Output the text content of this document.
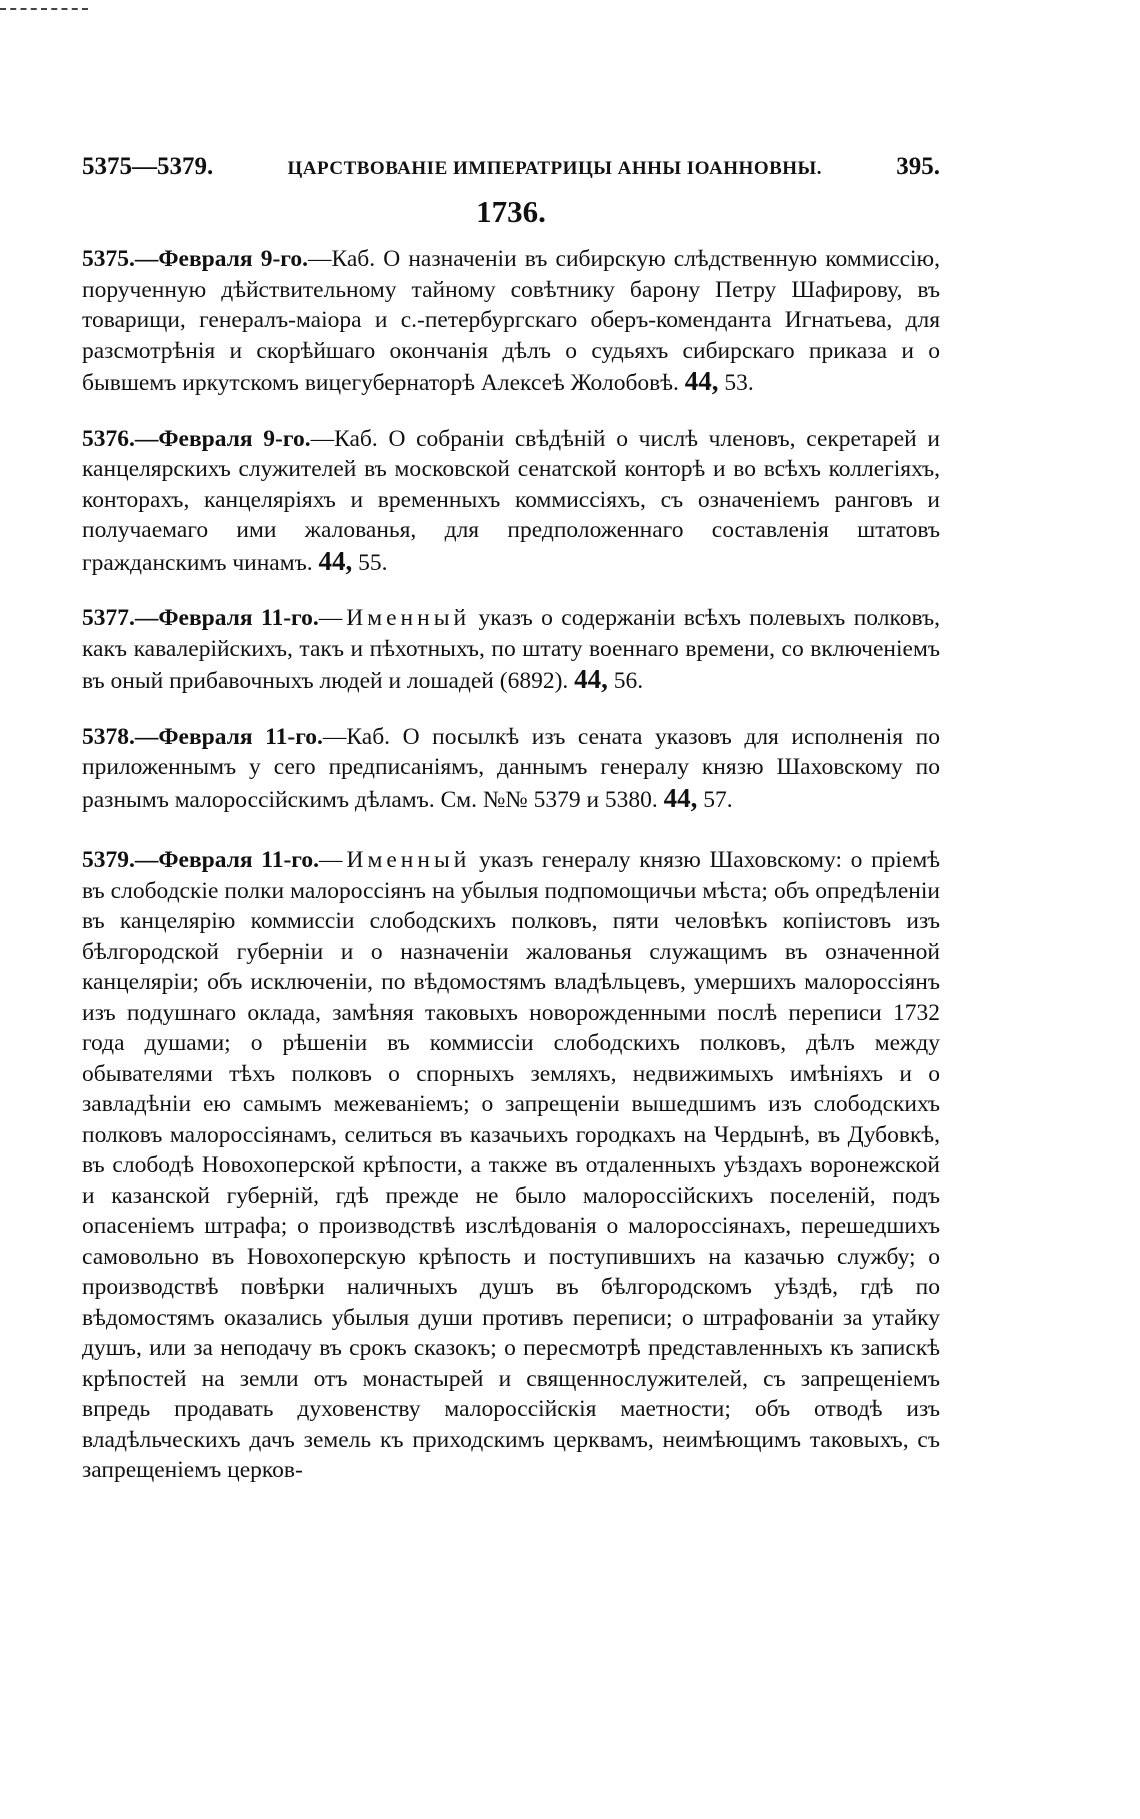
5375—5379.	ЦАРСТВОВАНІЕ ИМПЕРАТРИЦЫ АННЫ ІОАННОВНЫ.	395.
1736.

5375.—Февраля 9-го.—Каб. О назначеніи въ сибирскую слѣдственную коммиссію, порученную дѣйствительному тайному совѣтнику барону Петру Шафирову, въ товарищи, генералъ-маіора и с.-петербургскаго оберъ-коменданта Игнатьева, для разсмотрѣнія и скорѣйшаго окончанія дѣлъ о судьяхъ сибирскаго приказа и о бывшемъ иркутскомъ вицегубернаторѣ Алексеѣ Жолобовѣ. 44, 53.

5376.—Февраля 9-го.—Каб. О собраніи свѣдѣній о числѣ членовъ, секретарей и канцелярскихъ служителей въ московской сенатской конторѣ и во всѣхъ коллегіяхъ, конторахъ, канцеляріяхъ и временныхъ коммиссіяхъ, съ означеніемъ ранговъ и получаемаго ими жалованья, для предположеннаго составленія штатовъ гражданскимъ чинамъ. 44, 55.

5377.—Февраля 11-го.—Именный указъ о содержаніи всѣхъ полевыхъ полковъ, какъ кавалерійскихъ, такъ и пѣхотныхъ, по штату военнаго времени, со включеніемъ въ оный прибавочныхъ людей и лошадей (6892). 44, 56.

5378.—Февраля 11-го.—Каб. О посылкѣ изъ сената указовъ для исполненія по приложеннымъ у сего предписаніямъ, даннымъ генералу князю Шаховскому по разнымъ малороссійскимъ дѣламъ. См. №№ 5379 и 5380. 44, 57.

5379.—Февраля 11-го.—Именный указъ генералу князю Шаховскому: о пріемѣ въ слободскіе полки малороссіянъ на убылыя подпомощичьи мѣста; объ опредѣленіи въ канцелярію коммиссіи слободскихъ полковъ, пяти человѣкъ копіистовъ изъ бѣлгородской губерніи и о назначеніи жалованья служащимъ въ означенной канцеляріи; объ исключеніи, по вѣдомостямъ владѣльцевъ, умершихъ малороссіянъ изъ подушнаго оклада, замѣняя таковыхъ новорожденными послѣ переписи 1732 года душами; о рѣшеніи въ коммиссіи слободскихъ полковъ, дѣлъ между обывателями тѣхъ полковъ о спорныхъ земляхъ, недвижимыхъ имѣніяхъ и о завладѣніи ею самымъ межеваніемъ; о запрещеніи вышедшимъ изъ слободскихъ полковъ малороссіянамъ, селиться въ казачьихъ городкахъ на Чердынѣ, въ Дубовкѣ, въ слободѣ Новохоперской крѣпости, а также въ отдаленныхъ уѣздахъ воронежской и казанской губерній, гдѣ прежде не было малороссійскихъ поселеній, подъ опасеніемъ штрафа; о производствѣ изслѣдованія о малороссіянахъ, перешедшихъ самовольно въ Новохоперскую крѣпость и поступившихъ на казачью службу; о производствѣ повѣрки наличныхъ душъ въ бѣлгородскомъ уѣздѣ, гдѣ по вѣдомостямъ оказались убылыя души противъ переписи; о штрафованіи за утайку душъ, или за неподачу въ срокъ сказокъ; о пересмотрѣ представленныхъ къ запискѣ крѣпостей на земли отъ монастырей и священнослужителей, съ запрещеніемъ впредь продавать духовенству малороссійскія маетности; объ отводѣ изъ владѣльческихъ дачъ земель къ приходскимъ церквамъ, неимѣющимъ таковыхъ, съ запрещеніемъ церков-
